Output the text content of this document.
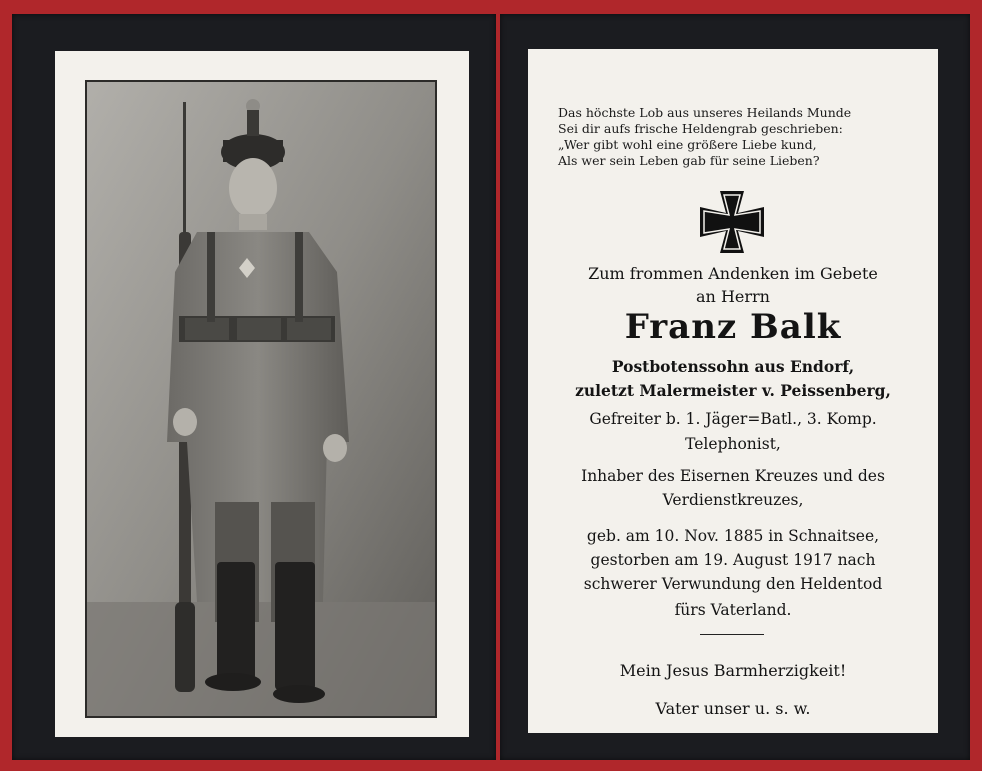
Das höchste Lob aus unseres Heilands Munde
Sei dir aufs frische Heldengrab geschrieben:
„Wer gibt wohl eine größere Liebe kund,
Als wer sein Leben gab für seine Lieben?
Zum frommen Andenken im Gebete
an Herrn
Franz Balk
Postbotenssohn aus Endorf,
zuletzt Malermeister v. Peissenberg,
Gefreiter b. 1. Jäger=Batl., 3. Komp.
Telephonist,
Inhaber des Eisernen Kreuzes und des
Verdienstkreuzes,
geb. am 10. Nov. 1885 in Schnaitsee,
gestorben am 19. August 1917 nach
schwerer Verwundung den Heldentod
fürs Vaterland.
Mein Jesus Barmherzigkeit!
Vater unser u. s. w.
